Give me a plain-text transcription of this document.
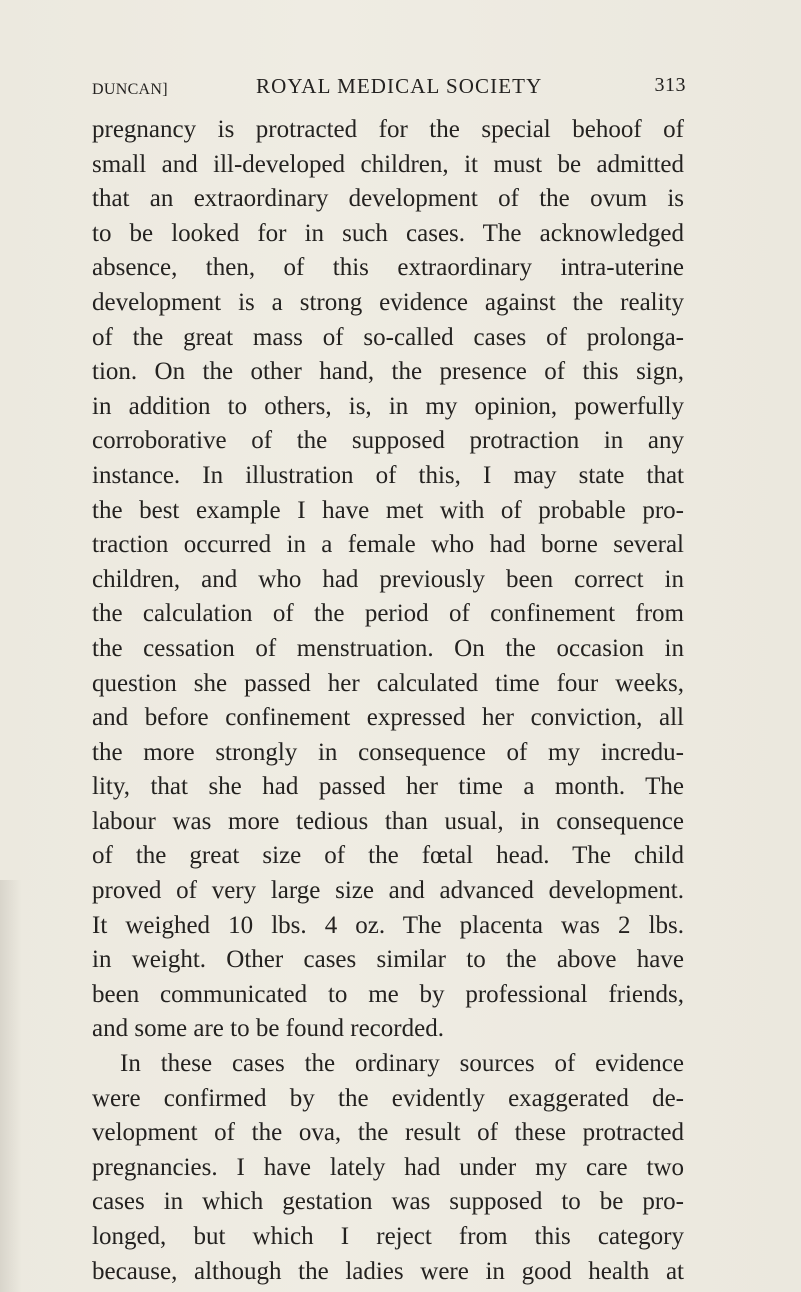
DUNCAN]	ROYAL MEDICAL SOCIETY	313
pregnancy is protracted for the special behoof of
small and ill-developed children, it must be admitted
that an extraordinary development of the ovum is
to be looked for in such cases. The acknowledged
absence, then, of this extraordinary intra-uterine
development is a strong evidence against the reality
of the great mass of so-called cases of prolonga-
tion. On the other hand, the presence of this sign,
in addition to others, is, in my opinion, powerfully
corroborative of the supposed protraction in any
instance. In illustration of this, I may state that
the best example I have met with of probable pro-
traction occurred in a female who had borne several
children, and who had previously been correct in
the calculation of the period of confinement from
the cessation of menstruation. On the occasion in
question she passed her calculated time four weeks,
and before confinement expressed her conviction, all
the more strongly in consequence of my incredu-
lity, that she had passed her time a month. The
labour was more tedious than usual, in consequence
of the great size of the fœtal head. The child
proved of very large size and advanced development.
It weighed 10 lbs. 4 oz. The placenta was 2 lbs.
in weight. Other cases similar to the above have
been communicated to me by professional friends,
and some are to be found recorded.
In these cases the ordinary sources of evidence
were confirmed by the evidently exaggerated de-
velopment of the ova, the result of these protracted
pregnancies. I have lately had under my care two
cases in which gestation was supposed to be pro-
longed, but which I reject from this category
because, although the ladies were in good health at
